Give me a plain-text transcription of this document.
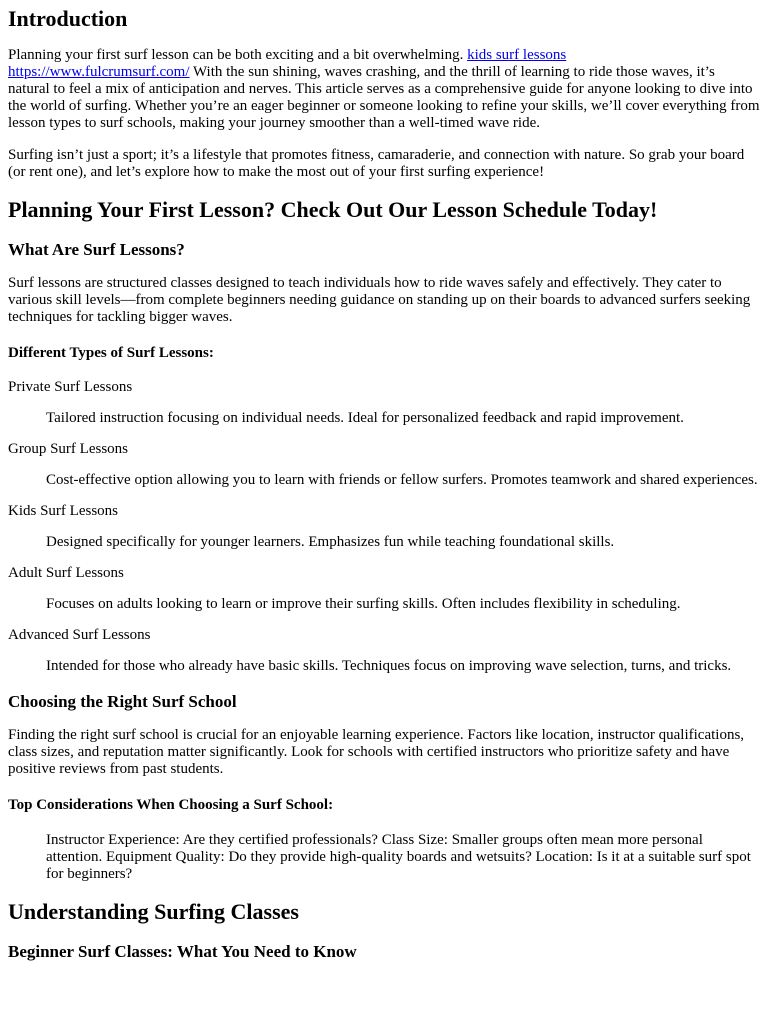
Introduction

Planning your first surf lesson can be both exciting and a bit overwhelming. kids surf lessons
https://www.fulcrumsurf.com/ With the sun shining, waves crashing, and the thrill of learning to ride those waves, it’s natural to feel a mix of anticipation and nerves. This article serves as a comprehensive guide for anyone looking to dive into the world of surfing. Whether you’re an eager beginner or someone looking to refine your skills, we’ll cover everything from lesson types to surf schools, making your journey smoother than a well-timed wave ride.

Surfing isn’t just a sport; it’s a lifestyle that promotes fitness, camaraderie, and connection with nature. So grab your board (or rent one), and let’s explore how to make the most out of your first surfing experience!

Planning Your First Lesson? Check Out Our Lesson Schedule Today!
What Are Surf Lessons?

Surf lessons are structured classes designed to teach individuals how to ride waves safely and effectively. They cater to various skill levels—from complete beginners needing guidance on standing up on their boards to advanced surfers seeking techniques for tackling bigger waves.

Different Types of Surf Lessons:
Private Surf Lessons
Tailored instruction focusing on individual needs. Ideal for personalized feedback and rapid improvement.
Group Surf Lessons
Cost-effective option allowing you to learn with friends or fellow surfers. Promotes teamwork and shared experiences.
Kids Surf Lessons
Designed specifically for younger learners. Emphasizes fun while teaching foundational skills.
Adult Surf Lessons
Focuses on adults looking to learn or improve their surfing skills. Often includes flexibility in scheduling.
Advanced Surf Lessons
Intended for those who already have basic skills. Techniques focus on improving wave selection, turns, and tricks.
Choosing the Right Surf School

Finding the right surf school is crucial for an enjoyable learning experience. Factors like location, instructor qualifications, class sizes, and reputation matter significantly. Look for schools with certified instructors who prioritize safety and have positive reviews from past students.

Top Considerations When Choosing a Surf School:
Instructor Experience: Are they certified professionals? Class Size: Smaller groups often mean more personal attention. Equipment Quality: Do they provide high-quality boards and wetsuits? Location: Is it at a suitable surf spot for beginners?
Understanding Surfing Classes
Beginner Surf Classes: What You Need to Know
